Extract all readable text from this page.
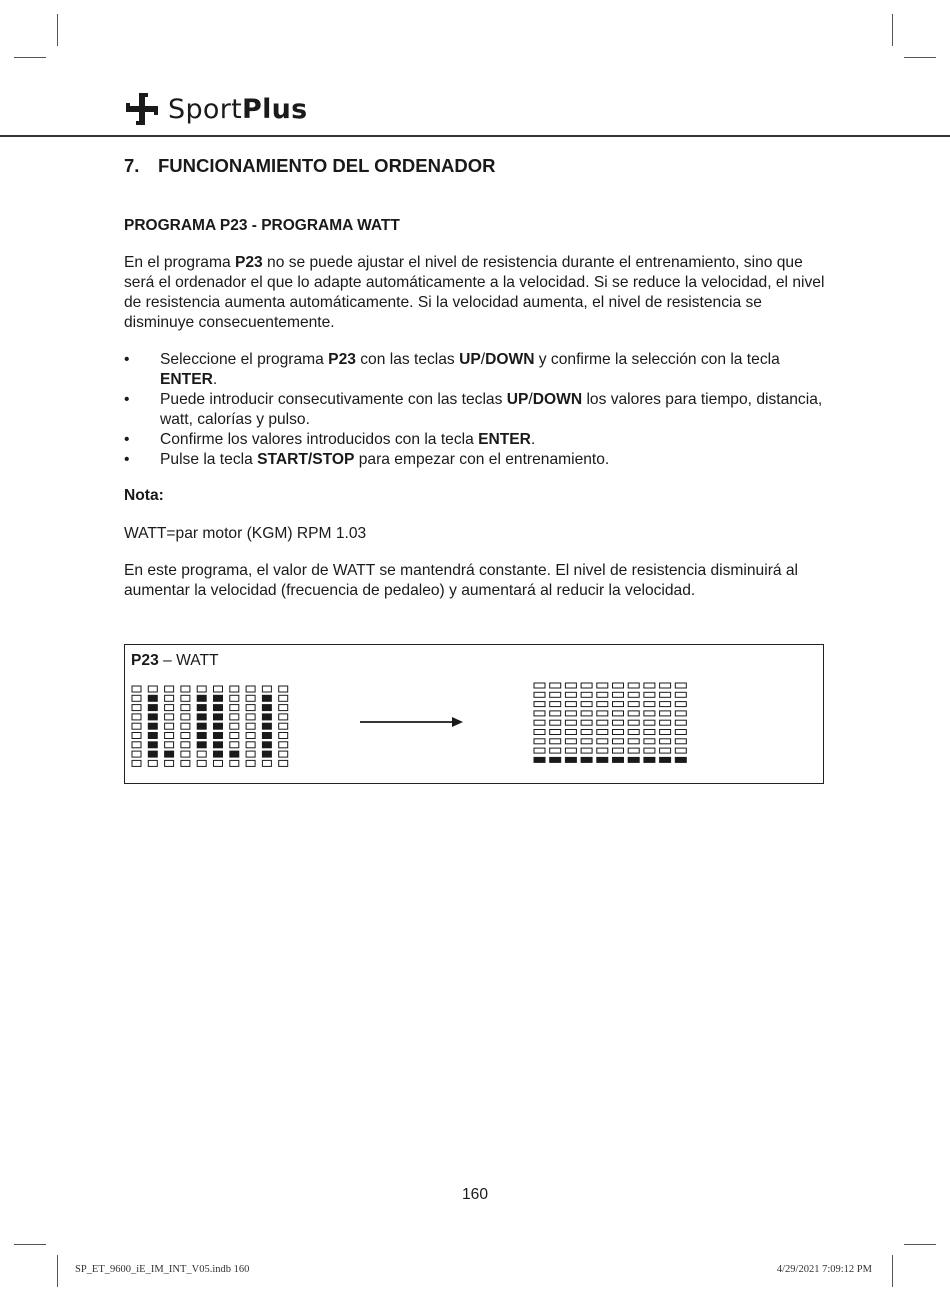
SportPlus
7. FUNCIONAMIENTO DEL ORDENADOR
PROGRAMA P23 - PROGRAMA WATT

En el programa P23 no se puede ajustar el nivel de resistencia durante el entrenamiento, sino que será el ordenador el que lo adapte automáticamente a la velocidad. Si se reduce la velocidad, el nivel de resistencia aumenta automáticamente. Si la velocidad aumenta, el nivel de resistencia se disminuye consecuentemente.

• Seleccione el programa P23 con las teclas UP/DOWN y confirme la selección con la tecla ENTER.
• Puede introducir consecutivamente con las teclas UP/DOWN los valores para tiempo, distancia, watt, calorías y pulso.
• Confirme los valores introducidos con la tecla ENTER.
• Pulse la tecla START/STOP para empezar con el entrenamiento.

Nota:

WATT=par motor (KGM) RPM 1.03

En este programa, el valor de WATT se mantendrá constante. El nivel de resistencia disminuirá al aumentar la velocidad (frecuencia de pedaleo) y aumentará al reducir la velocidad.

P23 – WATT
160
SP_ET_9600_iE_IM_INT_V05.indb 160	4/29/2021 7:09:12 PM
